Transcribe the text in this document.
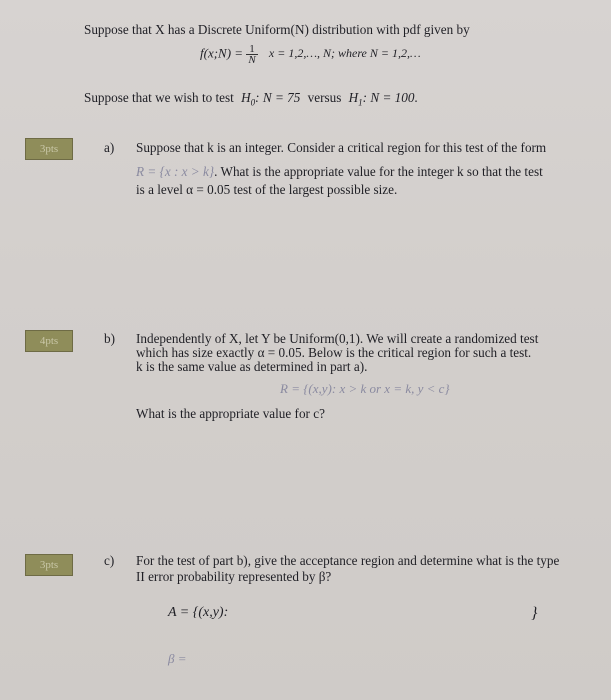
Suppose that X has a Discrete Uniform(N) distribution with pdf given by
f(x;N) = $\frac{1}{N}$ x = 1,2,…, N; where N = 1,2,…
Suppose that we wish to test $H_0$: N = 75 versus $H_1$: N = 100.
3pts	a) Suppose that k is an integer. Consider a critical region for this test of the form
R = {x : x > k}. What is the appropriate value for the integer k so that the test
is a level α = 0.05 test of the largest possible size.
4pts	b) Independently of X, let Y be Uniform(0,1). We will create a randomized test
which has size exactly α = 0.05. Below is the critical region for such a test.
k is the same value as determined in part a).
R = {(x,y): x > k or x = k, y < c}
What is the appropriate value for c?
3pts	c) For the test of part b), give the acceptance region and determine what is the type
II error probability represented by β?
A = {(x,y):	}
β =
